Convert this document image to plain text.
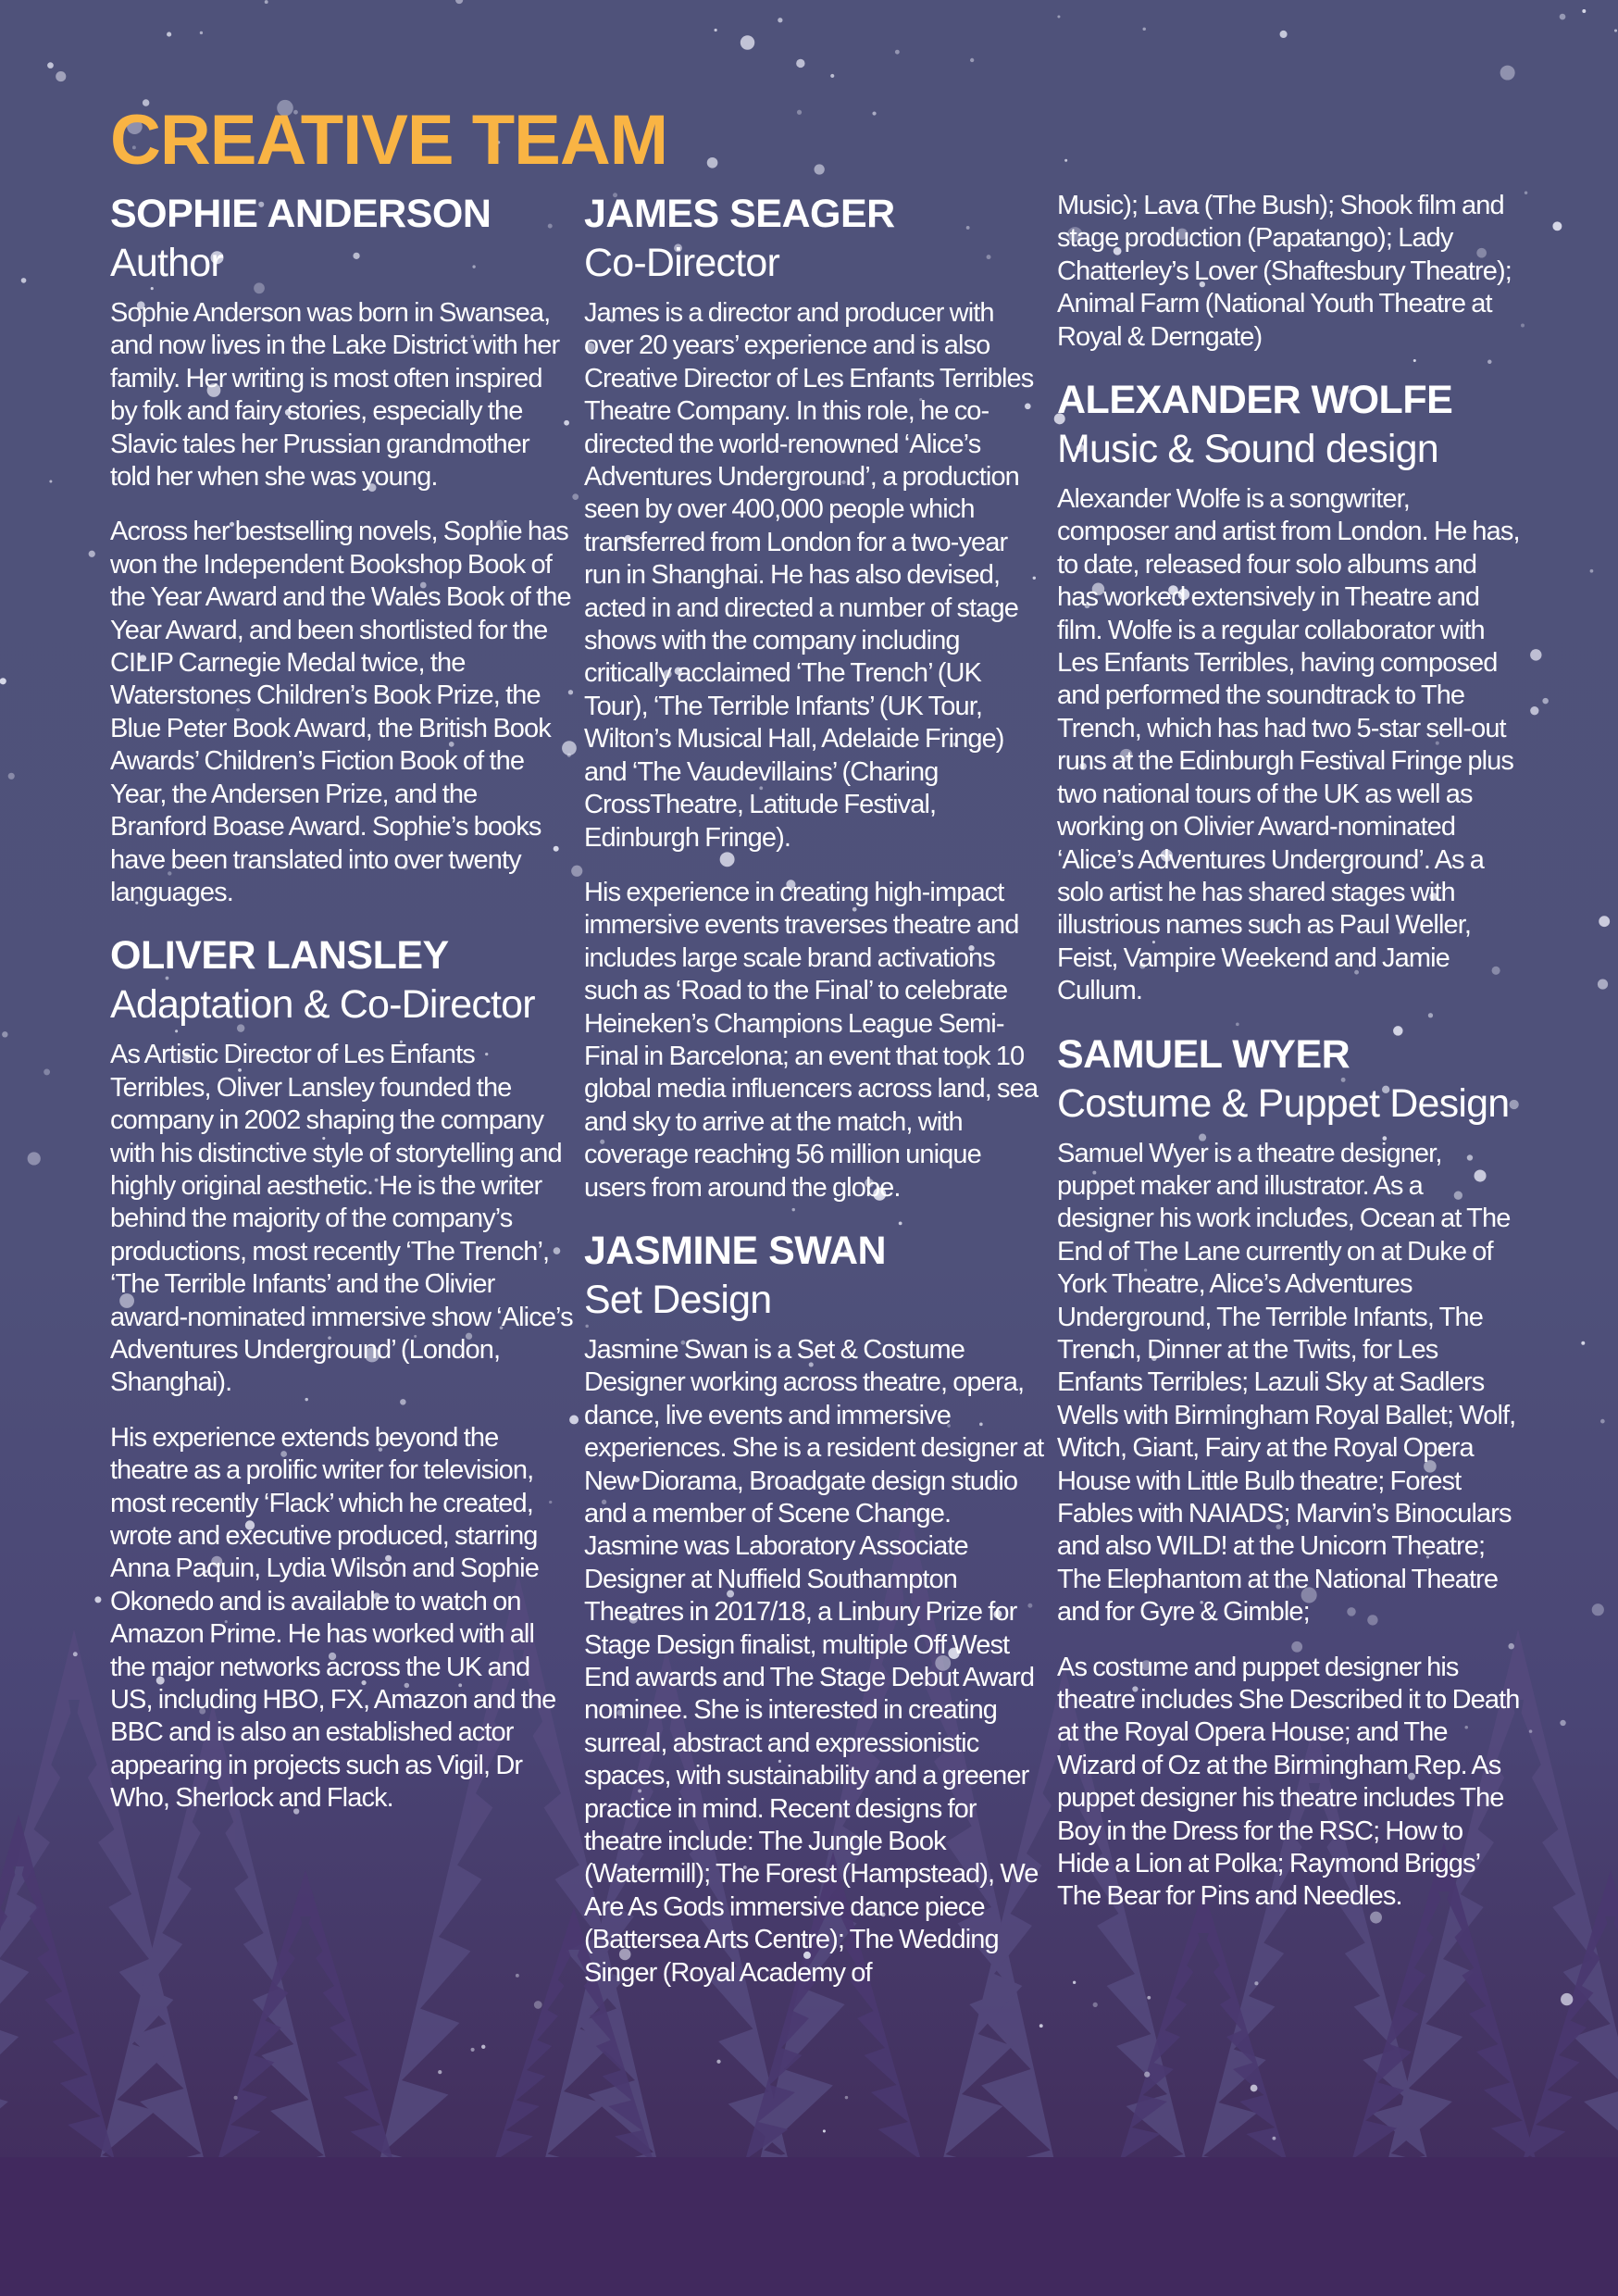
CREATIVE TEAM
SOPHIE ANDERSON
Author

Sophie Anderson was born in Swansea, and now lives in the Lake District with her family. Her writing is most often inspired by folk and fairy stories, especially the Slavic tales her Prussian grandmother told her when she was young.

Across her bestselling novels, Sophie has won the Independent Bookshop Book of the Year Award and the Wales Book of the Year Award, and been shortlisted for the CILIP Carnegie Medal twice, the Waterstones Children’s Book Prize, the Blue Peter Book Award, the British Book Awards’ Children’s Fiction Book of the Year, the Andersen Prize, and the Branford Boase Award. Sophie’s books have been translated into over twenty languages.

OLIVER LANSLEY
Adaptation & Co-Director

As Artistic Director of Les Enfants Terribles, Oliver Lansley founded the company in 2002 shaping the company with his distinctive style of storytelling and highly original aesthetic. He is the writer behind the majority of the company’s productions, most recently ‘The Trench’, ‘The Terrible Infants’ and the Olivier award-nominated immersive show ‘Alice’s Adventures Underground’ (London, Shanghai).

His experience extends beyond the theatre as a prolific writer for television, most recently ‘Flack’ which he created, wrote and executive produced, starring Anna Paquin, Lydia Wilson and Sophie Okonedo and is available to watch on Amazon Prime. He has worked with all the major networks across the UK and US, including HBO, FX, Amazon and the BBC and is also an established actor appearing in projects such as Vigil, Dr Who, Sherlock and Flack.

JAMES SEAGER
Co-Director

James is a director and producer with over 20 years’ experience and is also Creative Director of Les Enfants Terribles Theatre Company. In this role, he co-directed the world-renowned ‘Alice’s Adventures Underground’, a production seen by over 400,000 people which transferred from London for a two-year run in Shanghai. He has also devised, acted in and directed a number of stage shows with the company including critically acclaimed ‘The Trench’ (UK Tour), ‘The Terrible Infants’ (UK Tour, Wilton’s Musical Hall, Adelaide Fringe) and ‘The Vaudevillains’ (Charing CrossTheatre, Latitude Festival, Edinburgh Fringe).

His experience in creating high-impact immersive events traverses theatre and includes large scale brand activations such as ‘Road to the Final’ to celebrate Heineken’s Champions League Semi-Final in Barcelona; an event that took 10 global media influencers across land, sea and sky to arrive at the match, with coverage reaching 56 million unique users from around the globe.

JASMINE SWAN
Set Design

Jasmine Swan is a Set & Costume Designer working across theatre, opera, dance, live events and immersive experiences. She is a resident designer at New Diorama, Broadgate design studio and a member of Scene Change. Jasmine was Laboratory Associate Designer at Nuffield Southampton Theatres in 2017/18, a Linbury Prize for Stage Design finalist, multiple Off West End awards and The Stage Debut Award nominee. She is interested in creating surreal, abstract and expressionistic spaces, with sustainability and a greener practice in mind. Recent designs for theatre include: The Jungle Book (Watermill); The Forest (Hampstead), We Are As Gods immersive dance piece (Battersea Arts Centre); The Wedding Singer (Royal Academy of

Music); Lava (The Bush); Shook film and stage production (Papatango); Lady Chatterley’s Lover (Shaftesbury Theatre); Animal Farm (National Youth Theatre at Royal & Derngate)

ALEXANDER WOLFE
Music & Sound design

Alexander Wolfe is a songwriter, composer and artist from London. He has, to date, released four solo albums and has worked extensively in Theatre and film. Wolfe is a regular collaborator with Les Enfants Terribles, having composed and performed the soundtrack to The Trench, which has had two 5-star sell-out runs at the Edinburgh Festival Fringe plus two national tours of the UK as well as working on Olivier Award-nominated ‘Alice’s Adventures Underground’. As a solo artist he has shared stages with illustrious names such as Paul Weller, Feist, Vampire Weekend and Jamie Cullum.

SAMUEL WYER
Costume & Puppet Design

Samuel Wyer is a theatre designer, puppet maker and illustrator. As a designer his work includes, Ocean at The End of The Lane currently on at Duke of York Theatre, Alice’s Adventures Underground, The Terrible Infants, The Trench, Dinner at the Twits, for Les Enfants Terribles; Lazuli Sky at Sadlers Wells with Birmingham Royal Ballet; Wolf, Witch, Giant, Fairy at the Royal Opera House with Little Bulb theatre; Forest Fables with NAIADS; Marvin’s Binoculars and also WILD! at the Unicorn Theatre; The Elephantom at the National Theatre and for Gyre & Gimble;

As costume and puppet designer his theatre includes She Described it to Death at the Royal Opera House; and The Wizard of Oz at the Birmingham Rep. As puppet designer his theatre includes The Boy in the Dress for the RSC; How to Hide a Lion at Polka; Raymond Briggs’ The Bear for Pins and Needles.
